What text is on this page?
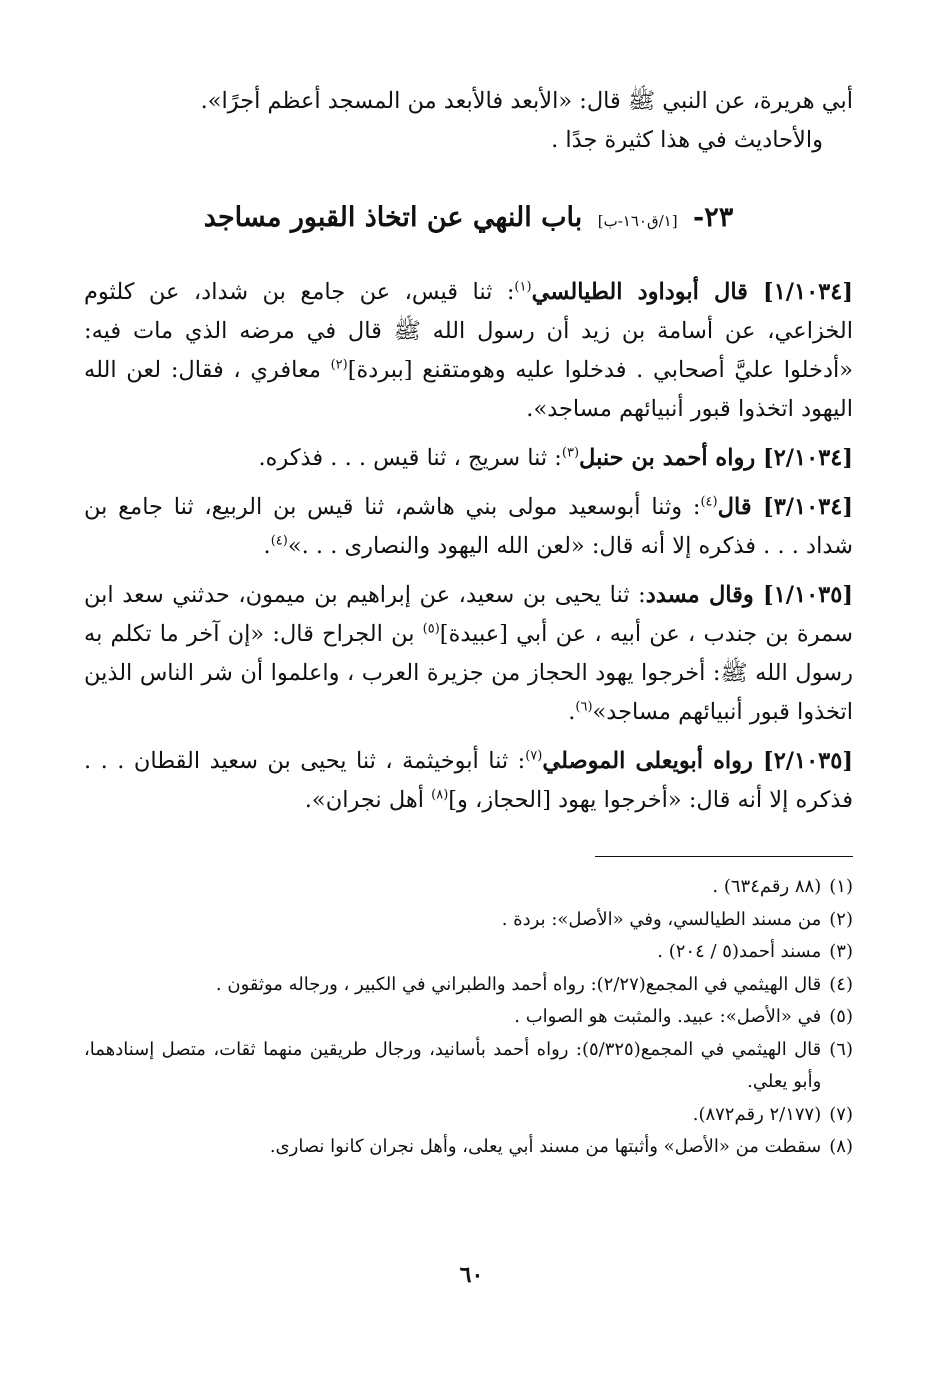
أبي هريرة، عن النبي ﷺ قال: «الأبعد فالأبعد من المسجد أعظم أجرًا».

والأحاديث في هذا كثيرة جدًا .

٢٣- [١/ق١٦٠-ب] باب النهي عن اتخاذ القبور مساجد

[١/١٠٣٤] قال أبوداود الطيالسي$^{(١)}$: ثنا قيس، عن جامع بن شداد، عن كلثوم الخزاعي، عن أسامة بن زيد أن رسول الله ﷺ قال في مرضه الذي مات فيه: «أدخلوا عليَّ أصحابي . فدخلوا عليه وهومتقنع [ببردة]$^{(٢)}$ معافري ، فقال: لعن الله اليهود اتخذوا قبور أنبيائهم مساجد».

[٢/١٠٣٤] رواه أحمد بن حنبل$^{(٣)}$: ثنا سريج ، ثنا قيس . . . فذكره.

[٣/١٠٣٤] قال$^{(٤)}$: وثنا أبوسعيد مولى بني هاشم، ثنا قيس بن الربيع، ثنا جامع بن شداد . . . فذكره إلا أنه قال: «لعن الله اليهود والنصارى . . .»$^{(٤)}$.

[١/١٠٣٥] وقال مسدد: ثنا يحيى بن سعيد، عن إبراهيم بن ميمون، حدثني سعد ابن سمرة بن جندب ، عن أبيه ، عن أبي [عبيدة]$^{(٥)}$ بن الجراح قال: «إن آخر ما تكلم به رسول الله ﷺ: أخرجوا يهود الحجاز من جزيرة العرب ، واعلموا أن شر الناس الذين اتخذوا قبور أنبيائهم مساجد»$^{(٦)}$.

[٢/١٠٣٥] رواه أبويعلى الموصلي$^{(٧)}$: ثنا أبوخيثمة ، ثنا يحيى بن سعيد القطان . . . فذكره إلا أنه قال: «أخرجوا يهود [الحجاز، و]$^{(٨)}$ أهل نجران».

(١)
(٨٨ رقم٦٣٤) .
(٢)
من مسند الطيالسي، وفي «الأصل»: بردة .
(٣)
مسند أحمد(٥ / ٢٠٤) .
(٤)
قال الهيثمي في المجمع(٢/٢٧): رواه أحمد والطبراني في الكبير ، ورجاله موثقون .
(٥)
في «الأصل»: عبيد. والمثبت هو الصواب .
(٦)
قال الهيثمي في المجمع(٥/٣٢٥): رواه أحمد بأسانيد، ورجال طريقين منهما ثقات، متصل إسنادهما، وأبو يعلي.
(٧)
(٢/١٧٧ رقم٨٧٢).
(٨)
سقطت من «الأصل» وأثبتها من مسند أبي يعلى، وأهل نجران كانوا نصارى.
٦٠
